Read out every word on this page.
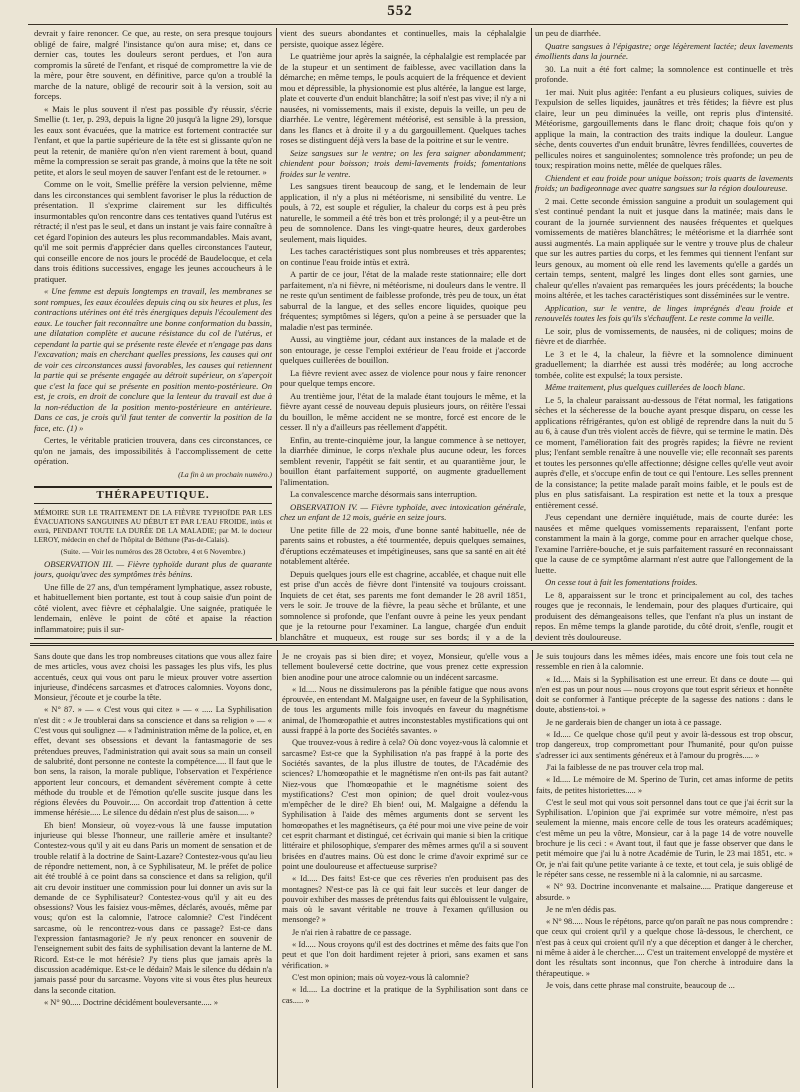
552

devrait y faire renoncer. Ce que, au reste, on sera presque toujours obligé de faire, malgré l'insistance qu'on aura mise; et, dans ce dernier cas, toutes les douleurs seront perdues, et l'on aura compromis la sûreté de l'enfant, et risqué de compromettre la vie de la mère, pour être souvent, en définitive, parce qu'on a troublé la marche de la nature, obligé de recourir soit à la version, soit au forceps.

« Mais le plus souvent il n'est pas possible d'y réussir, s'écrie Smellie (t. 1er, p. 293, depuis la ligne 20 jusqu'à la ligne 29), lorsque les eaux sont évacuées, que la matrice est fortement contractée sur l'enfant, et que la partie supérieure de la tête est si glissante qu'on ne peut la retenir, de manière qu'on n'en vient rarement à bout, quand même la compression se serait pas grande, à moins que la tête ne soit petite, et alors le seul moyen de sauver l'enfant est de le retourner. »

Comme on le voit, Smellie préfère la version pelvienne, même dans les circonstances qui semblent favoriser le plus la réduction de présentation. Il s'exprime clairement sur les difficultés insurmontables qu'on rencontre dans ces tentatives quand l'utérus est rétracté; il n'est pas le seul, et dans un instant je vais faire connaître à cet égard l'opinion des auteurs les plus recommandables. Mais avant, qu'il me soit permis d'apprécier dans quelles circonstances l'auteur, qui conseille encore de nos jours le procédé de Baudelocque, et cela dans trois éditions successives, engage les jeunes accoucheurs à le pratiquer.

« Une femme est depuis longtemps en travail, les membranes se sont rompues, les eaux écoulées depuis cinq ou six heures et plus, les contractions utérines ont été très énergiques depuis l'écoulement des eaux. Le toucher fait reconnaître une bonne conformation du bassin, une dilatation complète et aucune résistance du col de l'utérus, et cependant la partie qui se présente reste élevée et n'engage pas dans l'excavation; mais en cherchant quelles pressions, les causes qui ont de voir ces circonstances aussi favorables, les causes qui retiennent la partie qui se présente engagée au détroit supérieur, on s'aperçoit que c'est la face qui se présente en position mento-postérieure. On est, je crois, en droit de conclure que la lenteur du travail est due à la non-réduction de la position mento-postérieure en antérieure. Dans ce cas, je crois qu'il faut tenter de convertir la position de la face, etc. (1) »

Certes, le véritable praticien trouvera, dans ces circonstances, ce qu'on ne jamais, des impossibilités à l'accomplissement de cette opération.

(La fin à un prochain numéro.)
THÉRAPEUTIQUE.
MÉMOIRE SUR LE TRAITEMENT DE LA FIÈVRE TYPHOÏDE PAR LES ÉVACUATIONS SANGUINES AU DÉBUT ET PAR L'EAU FROIDE, intùs et extrà, PENDANT TOUTE LA DURÉE DE LA MALADIE; par M. le docteur LEROY, médecin en chef de l'hôpital de Béthune (Pas-de-Calais).
(Suite. — Voir les numéros des 28 Octobre, 4 et 6 Novembre.)

OBSERVATION III. — Fièvre typhoïde durant plus de quarante jours, quoiqu'avec des symptômes très bénins.

Une fille de 27 ans, d'un tempérament lymphatique, assez robuste, et habituellement bien portante, est tout à coup saisie d'un point de côté violent, avec fièvre et céphalalgie. Une saignée, pratiquée le lendemain, enlève le point de côté et apaise la réaction inflammatoire; puis il sur-

vient des sueurs abondantes et continuelles, mais la céphalalgie persiste, quoique assez légère.

Le quatrième jour après la saignée, la céphalalgie est remplacée par de la stupeur et un sentiment de faiblesse, avec vacillation dans la démarche; en même temps, le pouls acquiert de la fréquence et devient mou et dépressible, la physionomie est plus altérée, la langue est large, plate et couverte d'un enduit blanchâtre; la soif n'est pas vive; il n'y a ni nausées, ni vomissements, mais il existe, depuis la veille, un peu de diarrhée. Le ventre, légèrement météorisé, est sensible à la pression, dans les flancs et à droite il y a du gargouillement. Quelques taches roses se distinguent déjà vers la base de la poitrine et sur le ventre.

Seize sangsues sur le ventre; on les fera saigner abondamment; chiendent pour boisson; trois demi-lavements froids; fomentations froides sur le ventre.

Les sangsues tirent beaucoup de sang, et le lendemain de leur application, il n'y a plus ni météorisme, ni sensibilité du ventre. Le pouls, à 72, est souple et régulier, la chaleur du corps est à peu près naturelle, le sommeil a été très bon et très prolongé; il y a peut-être un peu de somnolence. Dans les vingt-quatre heures, deux garderobes seulement, mais liquides.

Les taches caractéristiques sont plus nombreuses et très apparentes; on continue l'eau froide intùs et extrà.

A partir de ce jour, l'état de la malade reste stationnaire; elle dort parfaitement, n'a ni fièvre, ni météorisme, ni douleurs dans le ventre. Il ne reste qu'un sentiment de faiblesse profonde, très peu de toux, un état saburral de la langue, et des selles encore liquides, quoique peu fréquentes; symptômes si légers, qu'on a peine à se persuader que la maladie n'est pas terminée.

Aussi, au vingtième jour, cédant aux instances de la malade et de son entourage, je cesse l'emploi extérieur de l'eau froide et j'accorde quelques cuillerées de bouillon.

La fièvre revient avec assez de violence pour nous y faire renoncer pour quelque temps encore.

Au trentième jour, l'état de la malade étant toujours le même, et la fièvre ayant cessé de nouveau depuis plusieurs jours, on réitère l'essai du bouillon, le même accident ne se montre, forcé est encore de le cesser. Il n'y a d'ailleurs pas réellement d'appétit.

Enfin, au trente-cinquième jour, la langue commence à se nettoyer, la diarrhée diminue, le corps n'exhale plus aucune odeur, les forces semblent revenir, l'appétit se fait sentir, et au quarantième jour, le bouillon étant parfaitement supporté, on augmente graduellement l'alimentation.

La convalescence marche désormais sans interruption.

OBSERVATION IV. — Fièvre typhoïde, avec intoxication générale, chez un enfant de 12 mois, guérie en seize jours.

Une petite fille de 22 mois, d'une bonne santé habituelle, née de parents sains et robustes, a été tourmentée, depuis quelques semaines, d'éruptions eczémateuses et impétigineuses, sans que sa santé en ait été notablement altérée.

Depuis quelques jours elle est chagrine, accablée, et chaque nuit elle est prise d'un accès de fièvre dont l'intensité va toujours croissant. Inquiets de cet état, ses parents me font demander le 28 avril 1851, vers le soir. Je trouve de la fièvre, la peau sèche et brûlante, et une somnolence si profonde, que l'enfant ouvre à peine les yeux pendant que je la retourne pour l'examiner. La langue, chargée d'un enduit blanchâtre et muqueux, est rouge sur ses bords; il y a de la

un peu de diarrhée.

Quatre sangsues à l'épigastre; orge légèrement lactée; deux lavements émollients dans la journée.

30. La nuit a été fort calme; la somnolence est continuelle et très profonde.

1er mai. Nuit plus agitée: l'enfant a eu plusieurs coliques, suivies de l'expulsion de selles liquides, jaunâtres et très fétides; la fièvre est plus claire, leur un peu diminuées la veille, ont repris plus d'intensité. Météorisme, gargouillements dans le flanc droit; chaque fois qu'on y applique la main, la contraction des traits indique la douleur. Langue sèche, dents couvertes d'un enduit brunâtre, lèvres fendillées, couvertes de pellicules noires et sanguinolentes; somnolence très profonde; un peu de toux; respiration moins nette, mêlée de quelques râles.

Chiendent et eau froide pour unique boisson; trois quarts de lavements froids; un badigeonnage avec quatre sangsues sur la région douloureuse.

2 mai. Cette seconde émission sanguine a produit un soulagement qui s'est continué pendant la nuit et jusque dans la matinée; mais dans le courant de la journée surviennent des nausées fréquentes et quelques vomissements de matières blanchâtres; le météorisme et la diarrhée sont aussi augmentés. La main appliquée sur le ventre y trouve plus de chaleur que sur les autres parties du corps, et les femmes qui tiennent l'enfant sur leurs genoux, au moment où elle rend les lavements qu'elle a gardés un certain temps, sentent, malgré les linges dont elles sont garnies, une chaleur qu'elles n'avaient pas remarquées les jours précédents; la bouche moins altérée, et les taches caractéristiques sont disséminées sur le ventre.

Application, sur le ventre, de linges imprégnés d'eau froide et renouvelés toutes les fois qu'ils s'échauffent. Le reste comme la veille.

Le soir, plus de vomissements, de nausées, ni de coliques; moins de fièvre et de diarrhée.

Le 3 et le 4, la chaleur, la fièvre et la somnolence diminuent graduellement; la diarrhée est aussi très modérée; au long accroche tombée, colite est expulsé; la toux persiste.

Même traitement, plus quelques cuillerées de looch blanc.

Le 5, la chaleur paraissant au-dessous de l'état normal, les fatigations sèches et la sécheresse de la bouche ayant presque disparu, on cesse les applications réfrigérantes, qu'on est obligé de reprendre dans la nuit du 5 au 6, à cause d'un très violent accès de fièvre, qui se termine le matin. Dès ce moment, l'amélioration fait des progrès rapides; la fièvre ne revient plus; l'enfant semble renaître à une nouvelle vie; elle reconnaît ses parents et toutes les personnes qu'elle affectionne; désigne celles qu'elle veut avoir auprès d'elle, et s'occupe enfin de tout ce qui l'entoure. Les selles prennent de la consistance; la petite malade paraît moins faible, et le pouls est de plus en plus satisfaisant. La respiration est nette et la toux a presque entièrement cessé.

J'eus cependant une dernière inquiétude, mais de courte durée: les nausées et même quelques vomissements reparaissent, l'enfant porte constamment la main à la gorge, comme pour en arracher quelque chose, l'examine l'arrière-bouche, et je suis parfaitement rassuré en reconnaissant que la cause de ce symptôme alarmant n'est autre que l'allongement de la luette.

On cesse tout à fait les fomentations froides.

Le 8, apparaissent sur le tronc et principalement au col, des taches rouges que je reconnais, le lendemain, pour des plaques d'urticaire, qui produisent des démangeaisons telles, que l'enfant n'a plus un instant de repos. En même temps la glande parotide, du côté droit, s'enfle, rougit et devient très douloureuse.

Sans doute que dans les trop nombreuses citations que vous allez faire de mes articles, vous avez choisi les passages les plus vifs, les plus accentués, ceux qui vous ont paru le mieux prouver votre assertion injurieuse, d'indécens sarcasmes et d'atroces calomnies. Voyons donc, Monsieur, j'écoute et je courbe la tête.

« N° 87. » — « C'est vous qui citez » — « ..... La Syphilisation n'est dit : « Je troublerai dans sa conscience et dans sa religion » — « C'est vous qui soulignez — « l'administration même de la police, et, en effet, devant ses obsessions et devant la fantasmagorie de ses prétendues preuves, l'administration qui avait sous sa main un conseil de salubrité, dont personne ne conteste la compétence..... Il faut que le bon sens, la raison, la morale publique, l'observation et l'expérience apportent leur concours, et demandent sévèrement compte à cette méthode du trouble et de l'émotion qu'elle suscite jusque dans les régions élevées du Pouvoir..... On accordait trop d'attention à cette immense hérésie..... Le silence du dédain n'est plus de saison..... »

Eh bien! Monsieur, où voyez-vous là une fausse imputation injurieuse qui blesse l'honneur, une raillerie amère et insultante? Contestez-vous qu'il y ait eu dans Paris un moment de sensation et de trouble relatif à la doctrine de Saint-Lazare? Contestez-vous qu'au lieu de répondre nettement, non, à ce Syphilisateur, M. le préfet de police ait été troublé à ce point dans sa conscience et dans sa religion, qu'il ait cru devoir instituer une commission pour lui donner un avis sur la demande de ce Syphilisateur? Contestez-vous qu'il y ait eu des obsessions? Vous les faisiez vous-mêmes, déclarés, avoués, même par vous; qu'on est la calomnie, l'atroce calomnie? C'est l'indécent sarcasme, où le rencontrez-vous dans ce passage? Est-ce dans l'expression fantasmagorie? Je n'y peux renoncer en souvenir de l'enseignement subit des faits de syphilisation devant la lanterne de M. Ricord. Est-ce le mot hérésie? J'y tiens plus que jamais après la discussion académique. Est-ce le dédain? Mais le silence du dédain n'a jamais passé pour du sarcasme. Voyons vite si vous êtes plus heureux dans la seconde citation.

« N° 90..... Doctrine décidément bouleversante..... »

Je ne croyais pas si bien dire; et voyez, Monsieur, qu'elle vous a tellement bouleversé cette doctrine, que vous prenez cette expression bien anodine pour une atroce calomnie ou un indécent sarcasme.

« Id..... Nous ne dissimulerons pas la pénible fatigue que nous avons éprouvée, en entendant M. Malgaigne user, en faveur de la Syphilisation, de tous les arguments mille fois invoqués en faveur du magnétisme animal, de l'homœopathie et autres inconstestables mystifications qui ont aussi frappé à la porte des Sociétés savantes. »

Que trouvez-vous à redire à cela? Où donc voyez-vous là calomnie et sarcasme? Est-ce que la Syphilisation n'a pas frappé à la porte des Sociétés savantes, de la plus illustre de toutes, de l'Académie des sciences? L'homœopathie et le magnétisme n'en ont-ils pas fait autant? Niez-vous que l'homœopathie et le magnétisme soient des mystifications? C'est mon opinion; de quel droit voulez-vous m'empêcher de le dire? Eh bien! oui, M. Malgaigne a défendu la Syphilisation à l'aide des mêmes arguments dont se servent les homœopathes et les magnétiseurs, ça été pour moi une vive peine de voir cet esprit charmant et distingué, cet écrivain qui manie si bien la critique littéraire et philosophique, s'emparer des mêmes armes qu'il a si souvent brisées en d'autres mains. Où est donc le crime d'avoir exprimé sur ce point une douloureuse et affectueuse surprise?

« Id..... Des faits! Est-ce que ces rêveries n'en produisent pas des montagnes? N'est-ce pas là ce qui fait leur succès et leur danger de pouvoir exhiber des masses de prétendus faits qui éblouissent le vulgaire, mais où le savant véritable ne trouve à l'examen qu'illusion ou mensonge? »

Je n'ai rien à rabattre de ce passage.

« Id..... Nous croyons qu'il est des doctrines et même des faits que l'on peut et que l'on doit hardiment rejeter à priori, sans examen et sans vérification. »

C'est mon opinion; mais où voyez-vous là calomnie?

« Id..... La doctrine et la pratique de la Syphilisation sont dans ce cas..... »

Je suis toujours dans les mêmes idées, mais encore une fois tout cela ne ressemble en rien à la calomnie.

« Id..... Mais si la Syphilisation est une erreur. Et dans ce doute — qui n'en est pas un pour nous — nous croyons que tout esprit sérieux et honnête doit se conformer à l'antique précepte de la sagesse des nations : dans le doute, abstiens-toi. »

Je ne garderais bien de changer un iota à ce passage.

« Id..... Ce quelque chose qu'il peut y avoir là-dessous est trop obscur, trop dangereux, trop compromettant pour l'humanité, pour qu'on puisse s'adresser ici aux sentiments généreux et à l'amour du progrès..... »

J'ai la faiblesse de ne pas trouver cela trop mal.

« Id..... Le mémoire de M. Sperino de Turin, cet amas informe de petits faits, de petites historiettes..... »

C'est le seul mot qui vous soit personnel dans tout ce que j'ai écrit sur la Syphilisation. L'opinion que j'ai exprimée sur votre mémoire, n'est pas seulement la mienne, mais encore celle de tous les orateurs académiques; c'est même un peu la vôtre, Monsieur, car à la page 14 de votre nouvelle brochure je lis ceci : « Avant tout, il faut que je fasse observer que dans le petit mémoire que j'ai lu à notre Académie de Turin, le 23 mai 1851, etc. » Or, je n'ai fait qu'une petite variante à ce texte, et tout cela, je suis obligé de le répéter sans cesse, ne ressemble ni à la calomnie, ni au sarcasme.

« N° 93. Doctrine inconvenante et malsaine..... Pratique dangereuse et absurde. »

Je ne m'en dédis pas.

« N° 98..... Nous le répétons, parce qu'on paraît ne pas nous comprendre : que ceux qui croient qu'il y a quelque chose là-dessous, le cherchent, ce n'est pas à ceux qui croient qu'il n'y a que déception et danger à le chercher, ni même à aider à le chercher..... C'est un traitement enveloppé de mystère et dont les résultats sont inconnus, que l'on cherche à introduire dans la thérapeutique. »

Je vois, dans cette phrase mal construite, beaucoup de ...
